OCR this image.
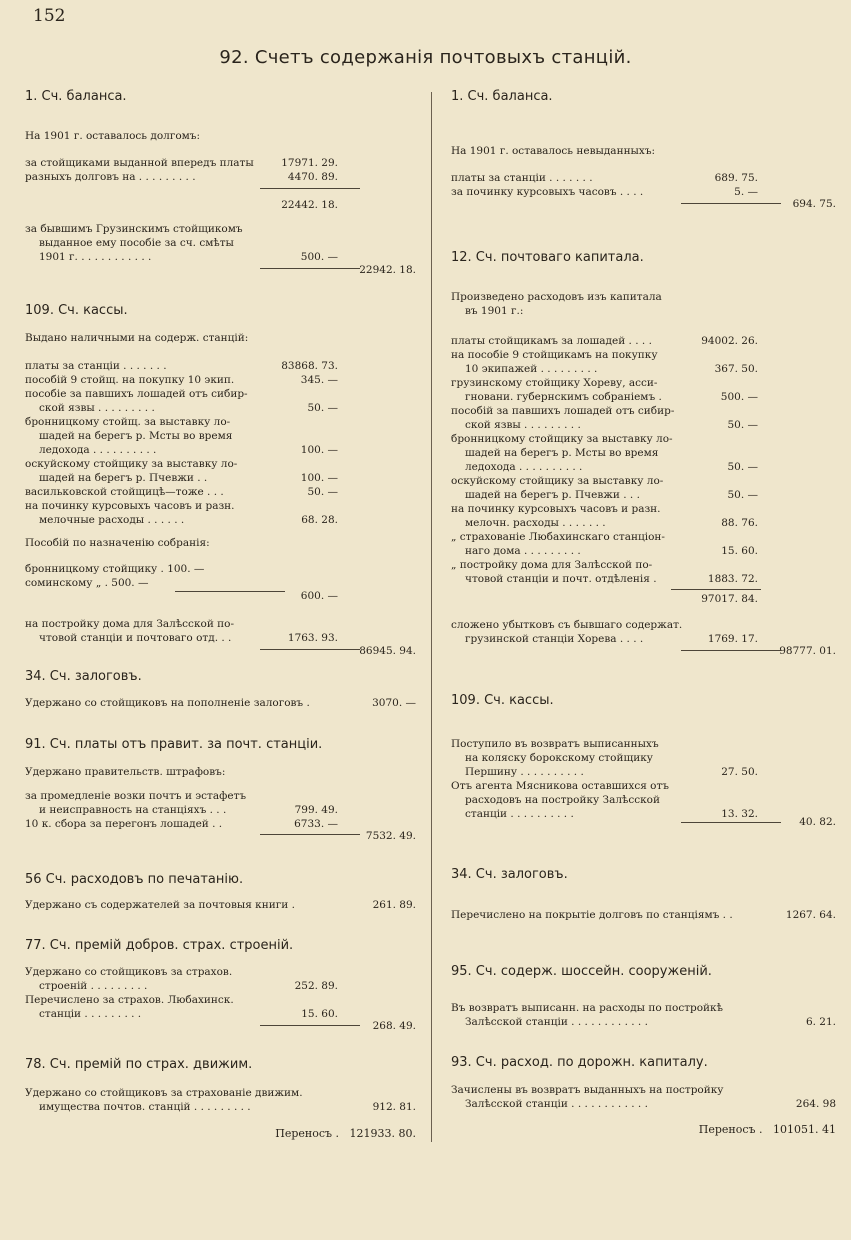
152
92. Счетъ содержанія почтовыхъ станцій.
1. Сч. баланса.
На 1901 г. оставалось долгомъ:
за стойщиками выданной впередъ платы	17971. 29.
разныхъ долговъ на . . . . . . . . .	4470. 89.
22442. 18.
за бывшимъ Грузинскимъ стойщикомъ
выданное ему пособіе за сч. смѣты
1901 г. . . . . . . . . . . .	500. —
22942. 18.
109. Сч. кассы.
Выдано наличными на содерж. станцій:
платы за станціи . . . . . . .	83868. 73.
пособій 9 стойщ. на покупку 10 экип.	345. —
пособіе за павшихъ лошадей отъ сибир-
ской язвы . . . . . . . . .	50. —
бронницкому стойщ. за выставку ло-
шадей на берегъ р. Мсты во время
ледохода . . . . . . . . . .	100. —
оскуйскому стойщику за выставку ло-
шадей на берегъ р. Пчевжи . .	100. —
васильковской стойщицѣ—тоже . . .	50. —
на починку курсовыхъ часовъ и разн.
мелочные расходы . . . . . .	68. 28.
Пособій по назначенію собранія:
бронницкому стойщику . 100. —
соминскому „ . 500. —
600. —
на постройку дома для Залѣсской по-
чтовой станціи и почтоваго отд. . .	1763. 93.
86945. 94.
34. Сч. залоговъ.
Удержано со стойщиковъ на пополненіе залоговъ .	3070. —
91. Сч. платы отъ правит. за почт. станціи.
Удержано правительств. штрафовъ:
за промедленіе возки почтъ и эстафетъ
и неисправность на станціяхъ . . .	799. 49.
10 к. сбора за перегонъ лошадей . .	6733. —
7532. 49.
56 Сч. расходовъ по печатанію.
Удержано съ содержателей за почтовыя книги .	261. 89.
77. Сч. премій добров. страх. строеній.
Удержано со стойщиковъ за страхов.
строеній . . . . . . . . .	252. 89.
Перечислено за страхов. Любахинск.
станціи . . . . . . . . .	15. 60.
268. 49.
78. Сч. премій по страх. движим.
Удержано со стойщиковъ за страхованіе движим.
имущества почтов. станцій . . . . . . . . .	912. 81.
Переносъ . 121933. 80.
1. Сч. баланса.
На 1901 г. оставалось невыданныхъ:
платы за станціи . . . . . . .	689. 75.
за починку курсовыхъ часовъ . . . .	5. —
694. 75.
12. Сч. почтоваго капитала.
Произведено расходовъ изъ капитала
въ 1901 г.:
платы стойщикамъ за лошадей . . . .	94002. 26.
на пособіе 9 стойщикамъ на покупку
10 экипажей . . . . . . . . .	367. 50.
грузинскому стойщику Хореву, асси-
гновани. губернскимъ собраніемъ .	500. —
пособій за павшихъ лошадей отъ сибир-
ской язвы . . . . . . . . .	50. —
бронницкому стойщику за выставку ло-
шадей на берегъ р. Мсты во время
ледохода . . . . . . . . . .	50. —
оскуйскому стойщику за выставку ло-
шадей на берегъ р. Пчевжи . . .	50. —
на починку курсовыхъ часовъ и разн.
мелочн. расходы . . . . . . .	88. 76.
„ страхованіе Любахинскаго станціон-
наго дома . . . . . . . . .	15. 60.
„ постройку дома для Залѣсской по-
чтовой станціи и почт. отдѣленія .	1883. 72.
97017. 84.
сложено убытковъ съ бывшаго содержат.
грузинской станціи Хорева . . . .	1769. 17.
98777. 01.
109. Сч. кассы.
Поступило въ возвратъ выписанныхъ
на коляску борокскому стойщику
Першину . . . . . . . . . .	27. 50.
Отъ агента Мясникова оставшихся отъ
расходовъ на постройку Залѣсской
станціи . . . . . . . . . .	13. 32.
40. 82.
34. Сч. залоговъ.
Перечислено на покрытіе долговъ по станціямъ . .	1267. 64.
95. Сч. содерж. шоссейн. сооруженій.
Въ возвратъ выписанн. на расходы по постройкѣ
Залѣсской станціи . . . . . . . . . . . .	6. 21.
93. Сч. расход. по дорожн. капиталу.
Зачислены въ возвратъ выданныхъ на постройку
Залѣсской станціи . . . . . . . . . . . .	264. 98
Переносъ . 101051. 41
